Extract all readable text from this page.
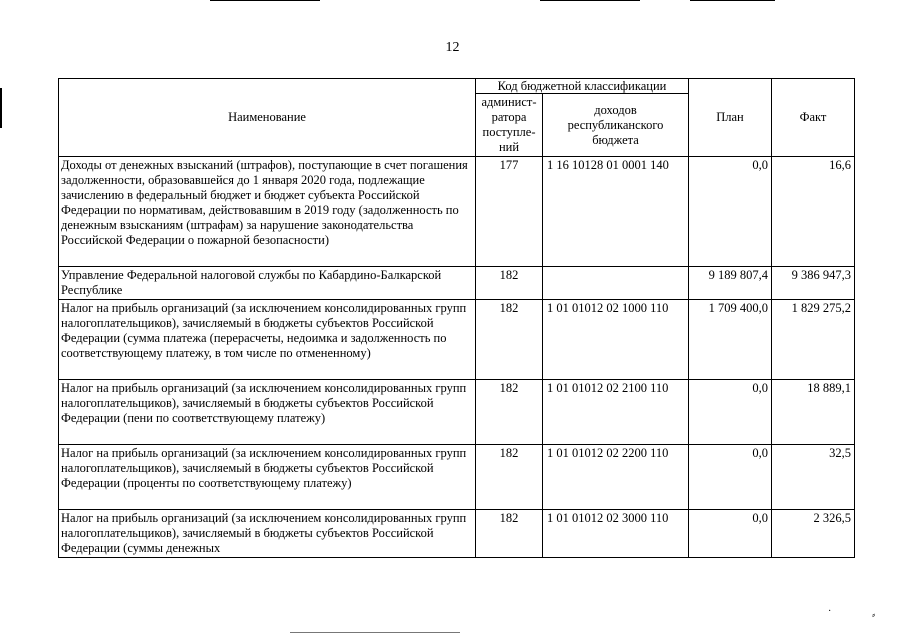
12
Наименование	Код бюджетной классификации		План	Факт
	админист-ратора поступле-ний	доходов республиканского бюджета		
Доходы от денежных взысканий (штрафов), поступающие в счет погашения задолженности, образовавшейся до 1 января 2020 года, подлежащие зачислению в федеральный бюджет и бюджет субъекта Российской Федерации по нормативам, действовавшим в 2019 году (задолженность по денежным взысканиям (штрафам) за нарушение законодательства Российской Федерации о пожарной безопасности)	177	1 16 10128 01 0001 140	0,0	16,6
Управление Федеральной налоговой службы по Кабардино-Балкарской Республике	182		9 189 807,4	9 386 947,3
Налог на прибыль организаций (за исключением консолидированных групп налогоплательщиков), зачисляемый в бюджеты субъектов Российской Федерации (сумма платежа (перерасчеты, недоимка и задолженность по соответствующему платежу, в том числе по отмененному)	182	1 01 01012 02 1000 110	1 709 400,0	1 829 275,2
Налог на прибыль организаций (за исключением консолидированных групп налогоплательщиков), зачисляемый в бюджеты субъектов Российской Федерации (пени по соответствующему платежу)	182	1 01 01012 02 2100 110	0,0	18 889,1
Налог на прибыль организаций (за исключением консолидированных групп налогоплательщиков), зачисляемый в бюджеты субъектов Российской Федерации (проценты по соответствующему платежу)	182	1 01 01012 02 2200 110	0,0	32,5
Налог на прибыль организаций (за исключением консолидированных групп налогоплательщиков), зачисляемый в бюджеты субъектов Российской Федерации (суммы денежных	182	1 01 01012 02 3000 110	0,0	2 326,5
·	⸗
